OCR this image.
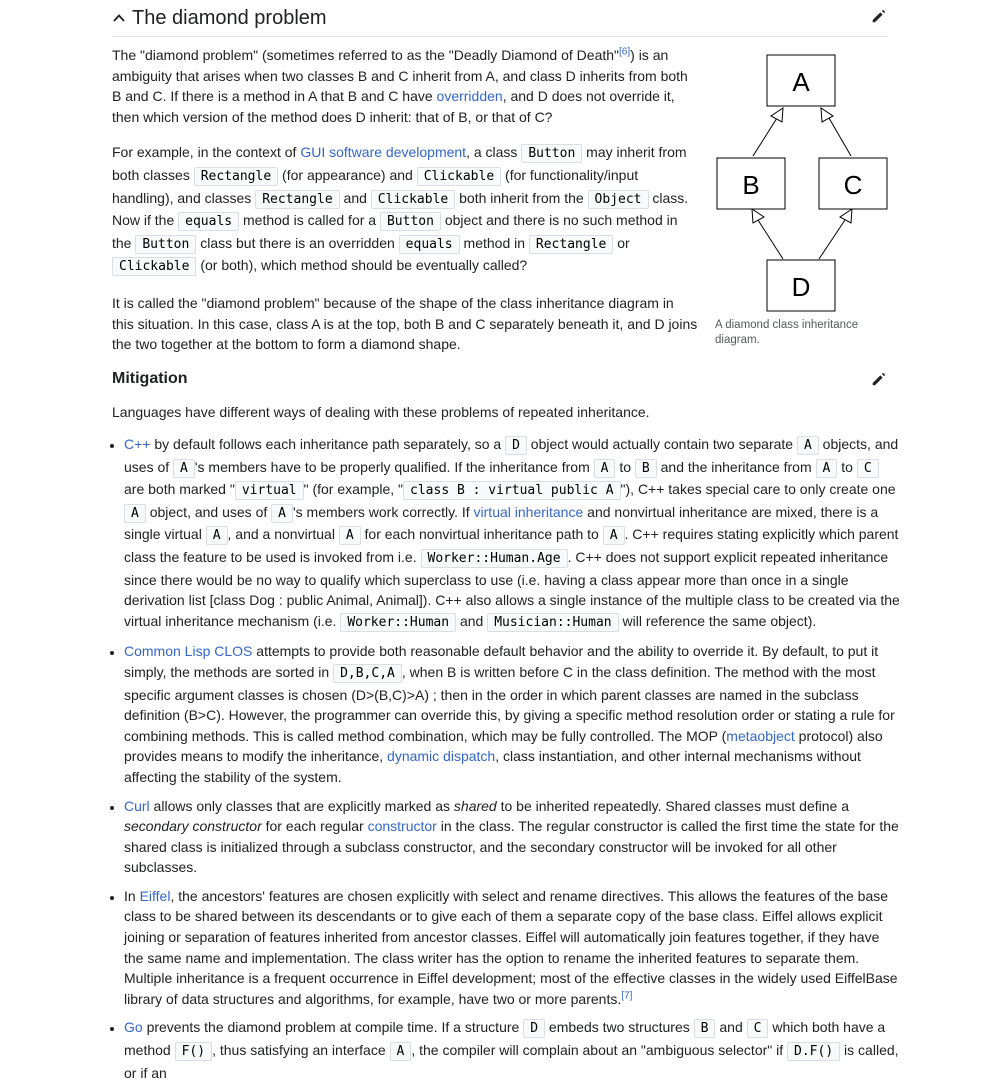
The diamond problem

The "diamond problem" (sometimes referred to as the "Deadly Diamond of Death"[6]) is an ambiguity that arises when two classes B and C inherit from A, and class D inherits from both B and C. If there is a method in A that B and C have overridden, and D does not override it, then which version of the method does D inherit: that of B, or that of C?

For example, in the context of GUI software development, a class Button may inherit from both classes Rectangle (for appearance) and Clickable (for functionality/input handling), and classes Rectangle and Clickable both inherit from the Object class. Now if the equals method is called for a Button object and there is no such method in the Button class but there is an overridden equals method in Rectangle or Clickable (or both), which method should be eventually called?

It is called the "diamond problem" because of the shape of the class inheritance diagram in this situation. In this case, class A is at the top, both B and C separately beneath it, and D joins the two together at the bottom to form a diamond shape.

A
B	C
D
A diamond class inheritance diagram.
Mitigation

Languages have different ways of dealing with these problems of repeated inheritance.

• C++ by default follows each inheritance path separately, so a D object would actually contain two separate A objects, and uses of A 's members have to be properly qualified. If the inheritance from A to B and the inheritance from A to C are both marked " virtual " (for example, " class B : virtual public A "), C++ takes special care to only create one A object, and uses of A 's members work correctly. If virtual inheritance and nonvirtual inheritance are mixed, there is a single virtual A , and a nonvirtual A for each nonvirtual inheritance path to A . C++ requires stating explicitly which parent class the feature to be used is invoked from i.e. Worker::Human.Age . C++ does not support explicit repeated inheritance since there would be no way to qualify which superclass to use (i.e. having a class appear more than once in a single derivation list [class Dog : public Animal, Animal]). C++ also allows a single instance of the multiple class to be created via the virtual inheritance mechanism (i.e. Worker::Human and Musician::Human will reference the same object).
• Common Lisp CLOS attempts to provide both reasonable default behavior and the ability to override it. By default, to put it simply, the methods are sorted in D,B,C,A , when B is written before C in the class definition. The method with the most specific argument classes is chosen (D>(B,C)>A) ; then in the order in which parent classes are named in the subclass definition (B>C). However, the programmer can override this, by giving a specific method resolution order or stating a rule for combining methods. This is called method combination, which may be fully controlled. The MOP (metaobject protocol) also provides means to modify the inheritance, dynamic dispatch, class instantiation, and other internal mechanisms without affecting the stability of the system.
• Curl allows only classes that are explicitly marked as shared to be inherited repeatedly. Shared classes must define a secondary constructor for each regular constructor in the class. The regular constructor is called the first time the state for the shared class is initialized through a subclass constructor, and the secondary constructor will be invoked for all other subclasses.
• In Eiffel, the ancestors' features are chosen explicitly with select and rename directives. This allows the features of the base class to be shared between its descendants or to give each of them a separate copy of the base class. Eiffel allows explicit joining or separation of features inherited from ancestor classes. Eiffel will automatically join features together, if they have the same name and implementation. The class writer has the option to rename the inherited features to separate them. Multiple inheritance is a frequent occurrence in Eiffel development; most of the effective classes in the widely used EiffelBase library of data structures and algorithms, for example, have two or more parents.[7]
• Go prevents the diamond problem at compile time. If a structure D embeds two structures B and C which both have a method F() , thus satisfying an interface A , the compiler will complain about an "ambiguous selector" if D.F() is called, or if an
